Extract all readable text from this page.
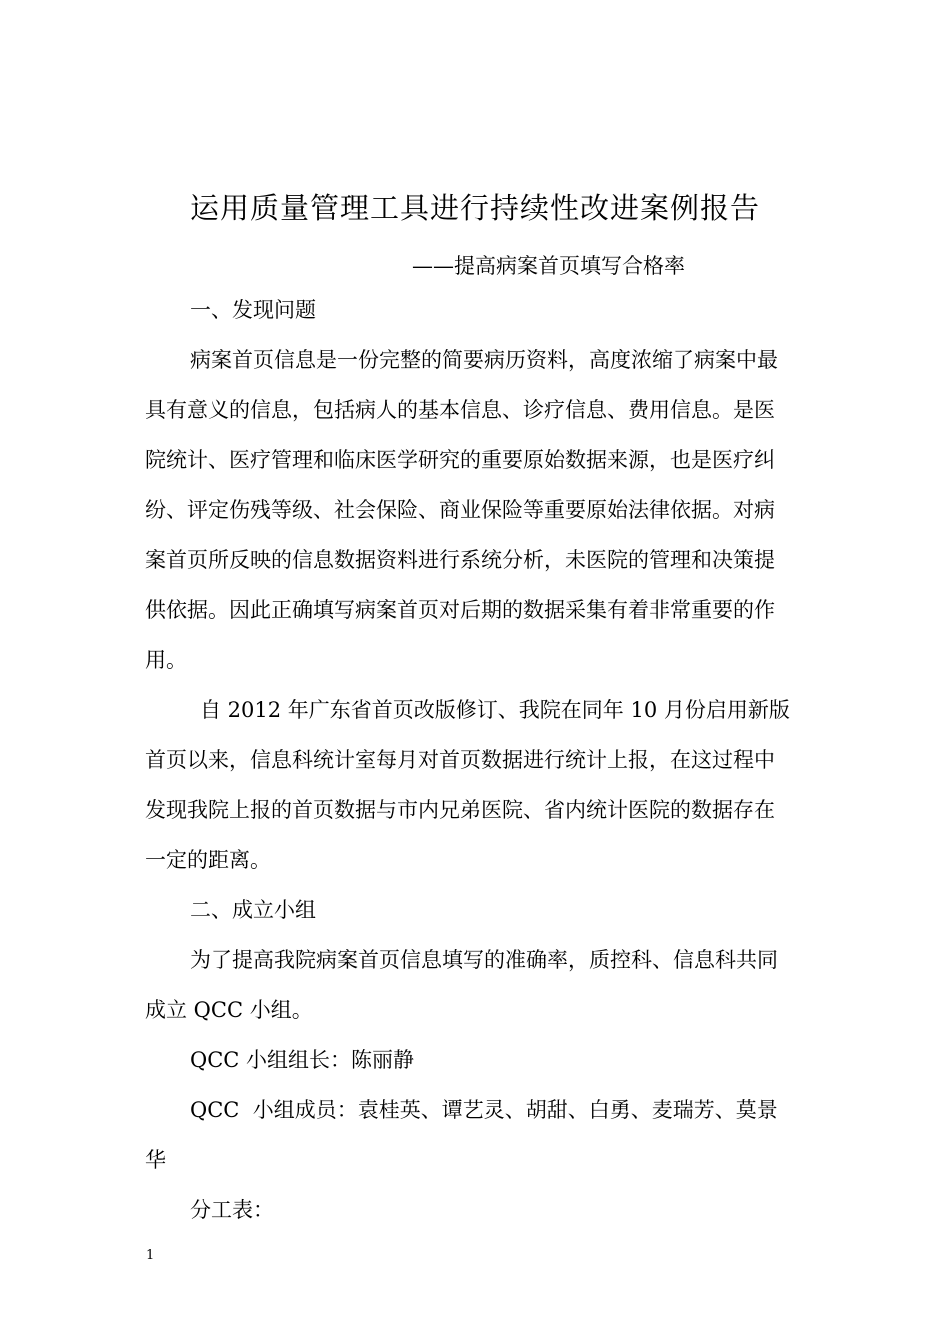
运用质量管理工具进行持续性改进案例报告
——提高病案首页填写合格率
一、发现问题
病案首页信息是一份完整的简要病历资料，高度浓缩了病案中最
具有意义的信息，包括病人的基本信息、诊疗信息、费用信息。是医
院统计、医疗管理和临床医学研究的重要原始数据来源，也是医疗纠
纷、评定伤残等级、社会保险、商业保险等重要原始法律依据。对病
案首页所反映的信息数据资料进行系统分析，未医院的管理和决策提
供依据。因此正确填写病案首页对后期的数据采集有着非常重要的作
用。
自 2012 年广东省首页改版修订、我院在同年 10 月份启用新版
首页以来，信息科统计室每月对首页数据进行统计上报，在这过程中
发现我院上报的首页数据与市内兄弟医院、省内统计医院的数据存在
一定的距离。
二、成立小组
为了提高我院病案首页信息填写的准确率，质控科、信息科共同
成立 QCC 小组。
QCC 小组组长：陈丽静
QCC  小组成员：袁桂英、谭艺灵、胡甜、白勇、麦瑞芳、莫景
华
分工表：
1
